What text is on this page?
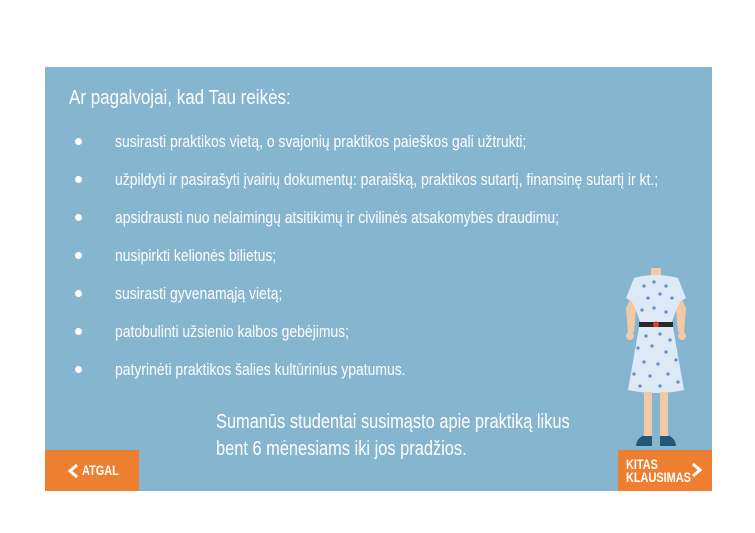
Ar pagalvojai, kad Tau reikės:
susirasti praktikos vietą, o svajonių praktikos paieškos gali užtrukti;
užpildyti ir pasirašyti įvairių dokumentų: paraišką, praktikos sutartį, finansinę sutartį ir kt.;
apsidrausti nuo nelaimingų atsitikimų ir civilinės atsakomybės draudimu;
nusipirkti kelionės bilietus;
susirasti gyvenamąją vietą;
patobulinti užsienio kalbos gebėjimus;
patyrinėti praktikos šalies kultūrinius ypatumus.
Sumanūs studentai susimąsto apie praktiką likus
bent 6 mėnesiams iki jos pradžios.
ATGAL	KITAS
KLAUSIMAS
